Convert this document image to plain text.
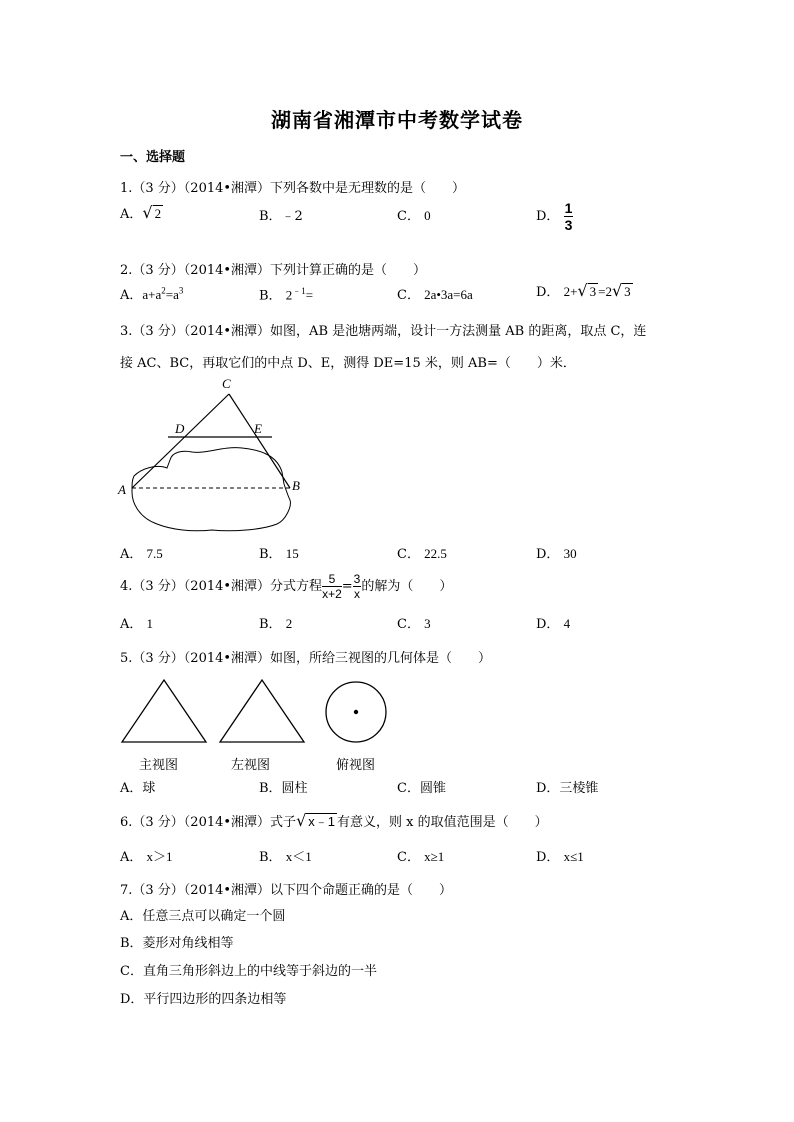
湖南省湘潭市中考数学试卷
一、选择题
1.（3 分）（2014•湘潭）下列各数中是无理数的是（　　）
A．√ 2	B．﹣2	C． 0	D． $\frac{1}{3}$
2.（3 分）（2014•湘潭）下列计算正确的是（　　）
A．$a+a^2=a^3$	B． $2^{﹣1}=$	C． 2a•3a=6a	D． 2+√ 3 =2√ 3
3.（3 分）（2014•湘潭）如图，AB 是池塘两端，设计一方法测量 AB 的距离，取点 C，连
接 AC、BC，再取它们的中点 D、E，测得 DE=15 米，则 AB=（　　）米．
C
D	E
A	B
A． 7.5	B． 15	C． 22.5	D． 30
4.（3 分）（2014•湘潭）分式方程 $\frac{5}{x+2} = \frac{3}{x}$ 的解为（　　）
A． 1	B． 2	C． 3	D． 4
5.（3 分）（2014•湘潭）如图，所给三视图的几何体是（　　）
主视图	左视图	俯视图
A．球	B．圆柱	C．圆锥	D．三棱锥
6.（3 分）（2014•湘潭）式子√ x﹣1 有意义，则 x 的取值范围是（　　）
A． x＞1	B． x＜1	C． x≥1	D． x≤1
7.（3 分）（2014•湘潭）以下四个命题正确的是（　　）
A．任意三点可以确定一个圆
B．菱形对角线相等
C．直角三角形斜边上的中线等于斜边的一半
D．平行四边形的四条边相等
